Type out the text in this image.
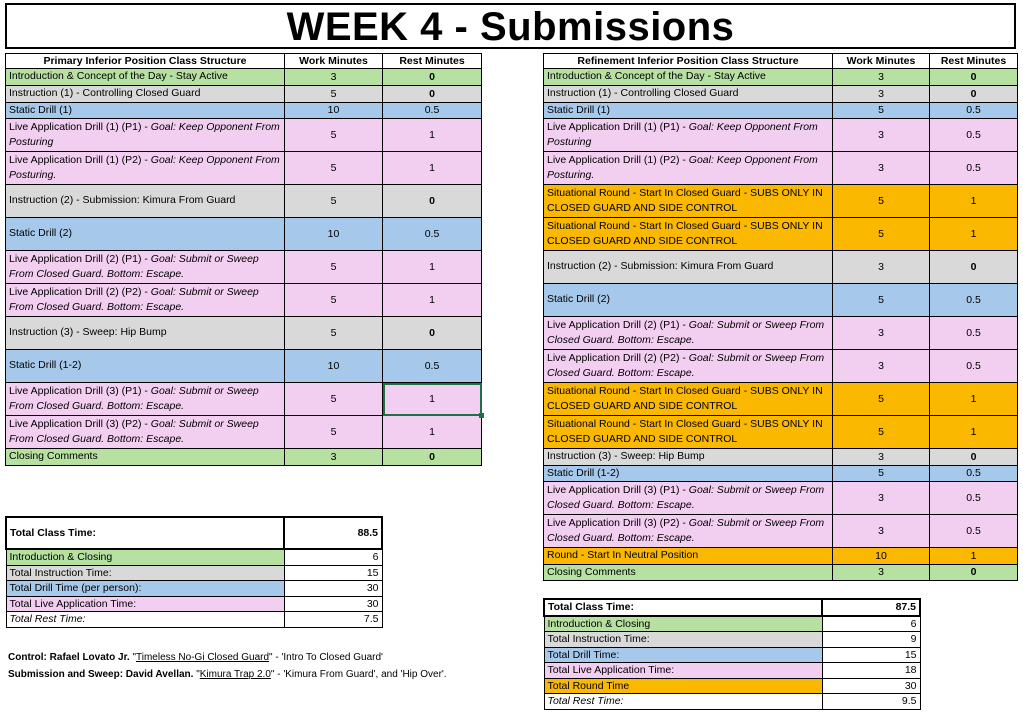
WEEK 4 - Submissions
Primary Inferior Position Class Structure	Work Minutes	Rest Minutes
Introduction & Concept of the Day - Stay Active	3	0
Instruction (1) - Controlling Closed Guard	5	0
Static Drill (1)	10	0.5
Live Application Drill (1) (P1) - Goal: Keep Opponent From Posturing	5	1
Live Application Drill (1) (P2) - Goal: Keep Opponent From Posturing.	5	1
Instruction (2) - Submission: Kimura From Guard	5	0
Static Drill (2)	10	0.5
Live Application Drill (2) (P1) - Goal: Submit or Sweep From Closed Guard. Bottom: Escape.	5	1
Live Application Drill (2) (P2) - Goal: Submit or Sweep From Closed Guard. Bottom: Escape.	5	1
Instruction (3) - Sweep: Hip Bump	5	0
Static Drill (1-2)	10	0.5
Live Application Drill (3) (P1) - Goal: Submit or Sweep From Closed Guard. Bottom: Escape.	5	1
Live Application Drill (3) (P2) - Goal: Submit or Sweep From Closed Guard. Bottom: Escape.	5	1
Closing Comments	3	0
Refinement Inferior Position Class Structure	Work Minutes	Rest Minutes
Introduction & Concept of the Day - Stay Active	3	0
Instruction (1) - Controlling Closed Guard	3	0
Static Drill (1)	5	0.5
Live Application Drill (1) (P1) - Goal: Keep Opponent From Posturing	3	0.5
Live Application Drill (1) (P2) - Goal: Keep Opponent From Posturing.	3	0.5
Situational Round - Start In Closed Guard - SUBS ONLY IN CLOSED GUARD AND SIDE CONTROL	5	1
Situational Round - Start In Closed Guard - SUBS ONLY IN CLOSED GUARD AND SIDE CONTROL	5	1
Instruction (2) - Submission: Kimura From Guard	3	0
Static Drill (2)	5	0.5
Live Application Drill (2) (P1) - Goal: Submit or Sweep From Closed Guard. Bottom: Escape.	3	0.5
Live Application Drill (2) (P2) - Goal: Submit or Sweep From Closed Guard. Bottom: Escape.	3	0.5
Situational Round - Start In Closed Guard - SUBS ONLY IN CLOSED GUARD AND SIDE CONTROL	5	1
Situational Round - Start In Closed Guard - SUBS ONLY IN CLOSED GUARD AND SIDE CONTROL	5	1
Instruction (3) - Sweep: Hip Bump	3	0
Static Drill (1-2)	5	0.5
Live Application Drill (3) (P1) - Goal: Submit or Sweep From Closed Guard. Bottom: Escape.	3	0.5
Live Application Drill (3) (P2) - Goal: Submit or Sweep From Closed Guard. Bottom: Escape.	3	0.5
Round - Start In Neutral Position	10	1
Closing Comments	3	0
Total Class Time:	88.5
Introduction & Closing	6
Total Instruction Time:	15
Total Drill Time (per person):	30
Total Live Application Time:	30
Total Rest Time:	7.5
Total Class Time:	87.5
Introduction & Closing	6
Total Instruction Time:	9
Total Drill Time:	15
Total Live Application Time:	18
Total Round Time	30
Total Rest Time:	9.5
Control: Rafael Lovato Jr. "Timeless No-Gi Closed Guard" - 'Intro To Closed Guard'
Submission and Sweep: David Avellan. "Kimura Trap 2.0" - 'Kimura From Guard', and 'Hip Over'.
